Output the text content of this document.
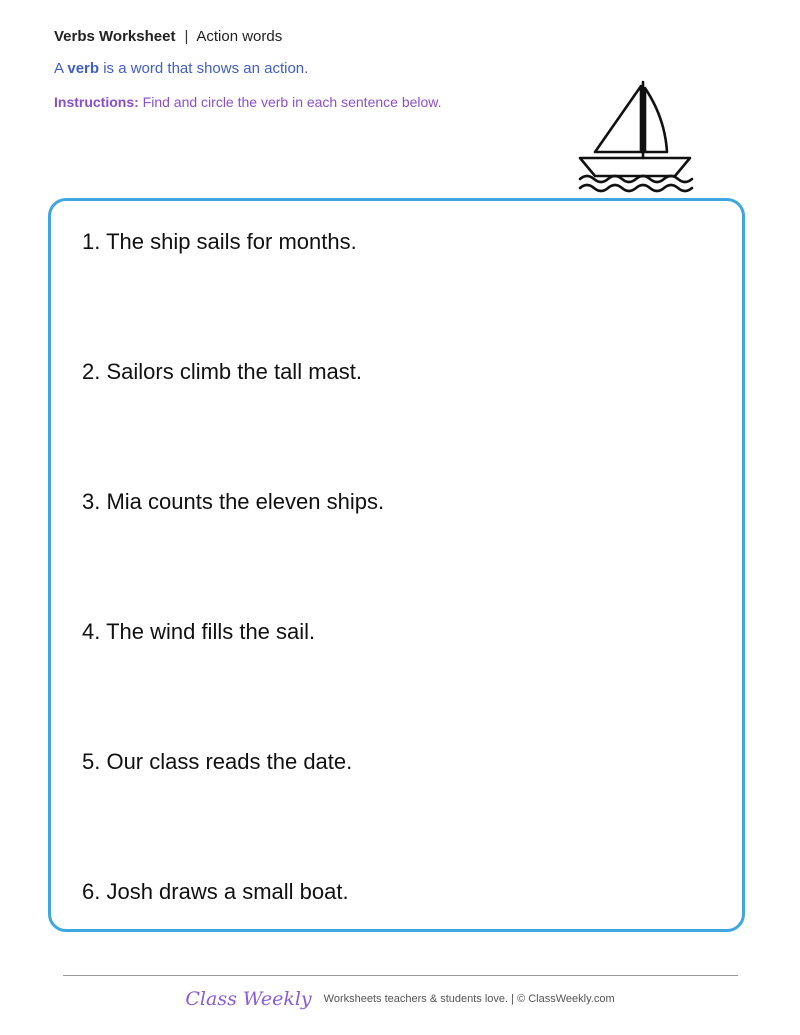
Verbs Worksheet | Action words
A verb is a word that shows an action.
Instructions: Find and circle the verb in each sentence below.
1. The ship sails for months.
2. Sailors climb the tall mast.
3. Mia counts the eleven ships.
4. The wind fills the sail.
5. Our class reads the date.
6. Josh draws a small boat.
Class Weekly Worksheets teachers & students love. | © ClassWeekly.com
